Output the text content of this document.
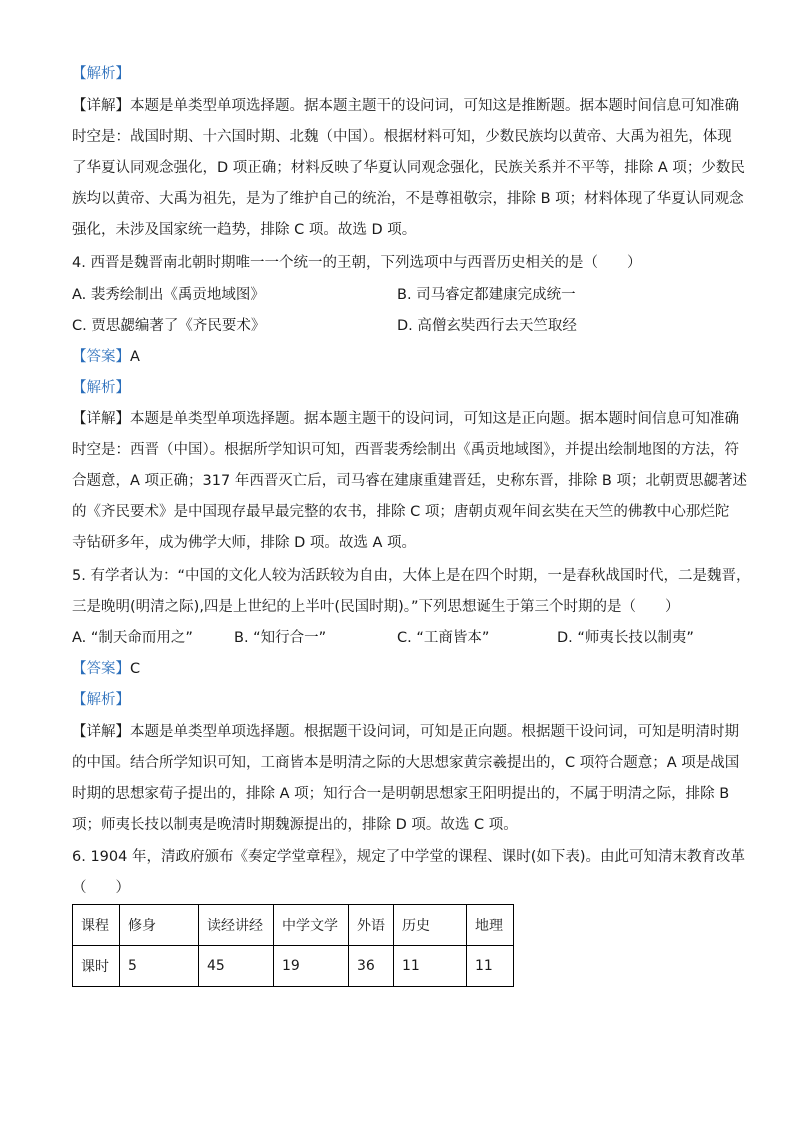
【解析】
【详解】本题是单类型单项选择题。据本题主题干的设问词，可知这是推断题。据本题时间信息可知准确
时空是：战国时期、十六国时期、北魏（中国）。根据材料可知，少数民族均以黄帝、大禹为祖先，体现
了华夏认同观念强化，D 项正确；材料反映了华夏认同观念强化，民族关系并不平等，排除 A 项；少数民
族均以黄帝、大禹为祖先，是为了维护自己的统治，不是尊祖敬宗，排除 B 项；材料体现了华夏认同观念
强化，未涉及国家统一趋势，排除 C 项。故选 D 项。
4. 西晋是魏晋南北朝时期唯一一个统一的王朝，下列选项中与西晋历史相关的是（　　）
A. 裴秀绘制出《禹贡地域图》	B. 司马睿定都建康完成统一
C. 贾思勰编著了《齐民要术》	D. 高僧玄奘西行去天竺取经
【答案】A
【解析】
【详解】本题是单类型单项选择题。据本题主题干的设问词，可知这是正向题。据本题时间信息可知准确
时空是：西晋（中国）。根据所学知识可知，西晋裴秀绘制出《禹贡地域图》，并提出绘制地图的方法，符
合题意，A 项正确；317 年西晋灭亡后，司马睿在建康重建晋廷，史称东晋，排除 B 项；北朝贾思勰著述
的《齐民要术》是中国现存最早最完整的农书，排除 C 项；唐朝贞观年间玄奘在天竺的佛教中心那烂陀
寺钻研多年，成为佛学大师，排除 D 项。故选 A 项。
5. 有学者认为：“中国的文化人较为活跃较为自由，大体上是在四个时期，一是春秋战国时代，二是魏晋，
三是晚明(明清之际),四是上世纪的上半叶(民国时期)。”下列思想诞生于第三个时期的是（　　）
A. “制天命而用之”	B. “知行合一”	C. “工商皆本”	D. “师夷长技以制夷”
【答案】C
【解析】
【详解】本题是单类型单项选择题。根据题干设问词，可知是正向题。根据题干设问词，可知是明清时期
的中国。结合所学知识可知，工商皆本是明清之际的大思想家黄宗羲提出的，C 项符合题意；A 项是战国
时期的思想家荀子提出的，排除 A 项；知行合一是明朝思想家王阳明提出的，不属于明清之际，排除 B
项；师夷长技以制夷是晚清时期魏源提出的，排除 D 项。故选 C 项。
6. 1904 年，清政府颁布《奏定学堂章程》，规定了中学堂的课程、课时(如下表)。由此可知清末教育改革
（　　）
课程	修身	读经讲经	中学文学	外语	历史	地理
课时	5	45	19	36	11	11
